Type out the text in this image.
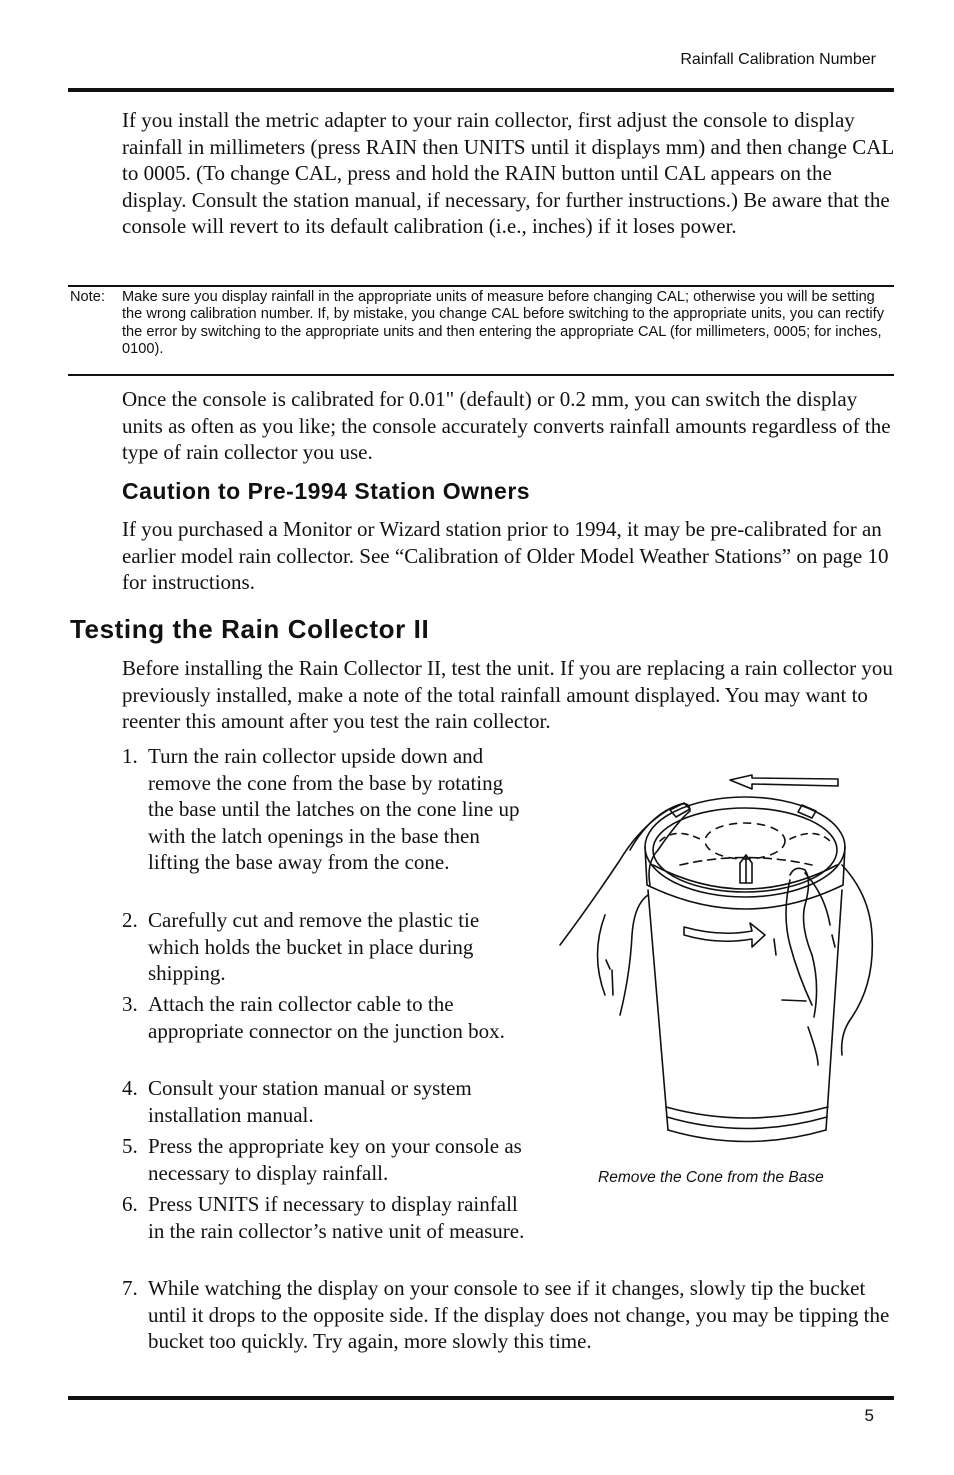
Rainfall Calibration Number

If you install the metric adapter to your rain collector, first adjust the console to display rainfall in millimeters (press RAIN then UNITS until it displays mm) and then change CAL to 0005. (To change CAL, press and hold the RAIN button until CAL appears on the display. Consult the station manual, if necessary, for further instructions.) Be aware that the console will revert to its default calibration (i.e., inches) if it loses power.

Note: Make sure you display rainfall in the appropriate units of measure before changing CAL; otherwise you will be setting the wrong calibration number. If, by mistake, you change CAL before switching to the appropriate units, you can rectify the error by switching to the appropriate units and then entering the appropriate CAL (for millimeters, 0005; for inches, 0100).

Once the console is calibrated for 0.01" (default) or 0.2 mm, you can switch the display units as often as you like; the console accurately converts rainfall amounts regardless of the type of rain collector you use.

Caution to Pre-1994 Station Owners

If you purchased a Monitor or Wizard station prior to 1994, it may be pre-calibrated for an earlier model rain collector. See “Calibration of Older Model Weather Stations” on page 10 for instructions.

Testing the Rain Collector II

Before installing the Rain Collector II, test the unit. If you are replacing a rain collector you previously installed, make a note of the total rainfall amount displayed. You may want to reenter this amount after you test the rain collector.

1. Turn the rain collector upside down and remove the cone from the base by rotating the base until the latches on the cone line up with the latch openings in the base then lifting the base away from the cone.

2. Carefully cut and remove the plastic tie which holds the bucket in place during shipping.

3. Attach the rain collector cable to the appropriate connector on the junction box.

4. Consult your station manual or system installation manual.

5. Press the appropriate key on your console as necessary to display rainfall.

6. Press UNITS if necessary to display rainfall in the rain collector’s native unit of measure.

7. While watching the display on your console to see if it changes, slowly tip the bucket until it drops to the opposite side. If the display does not change, you may be tipping the bucket too quickly. Try again, more slowly this time.

Remove the Cone from the Base
5
